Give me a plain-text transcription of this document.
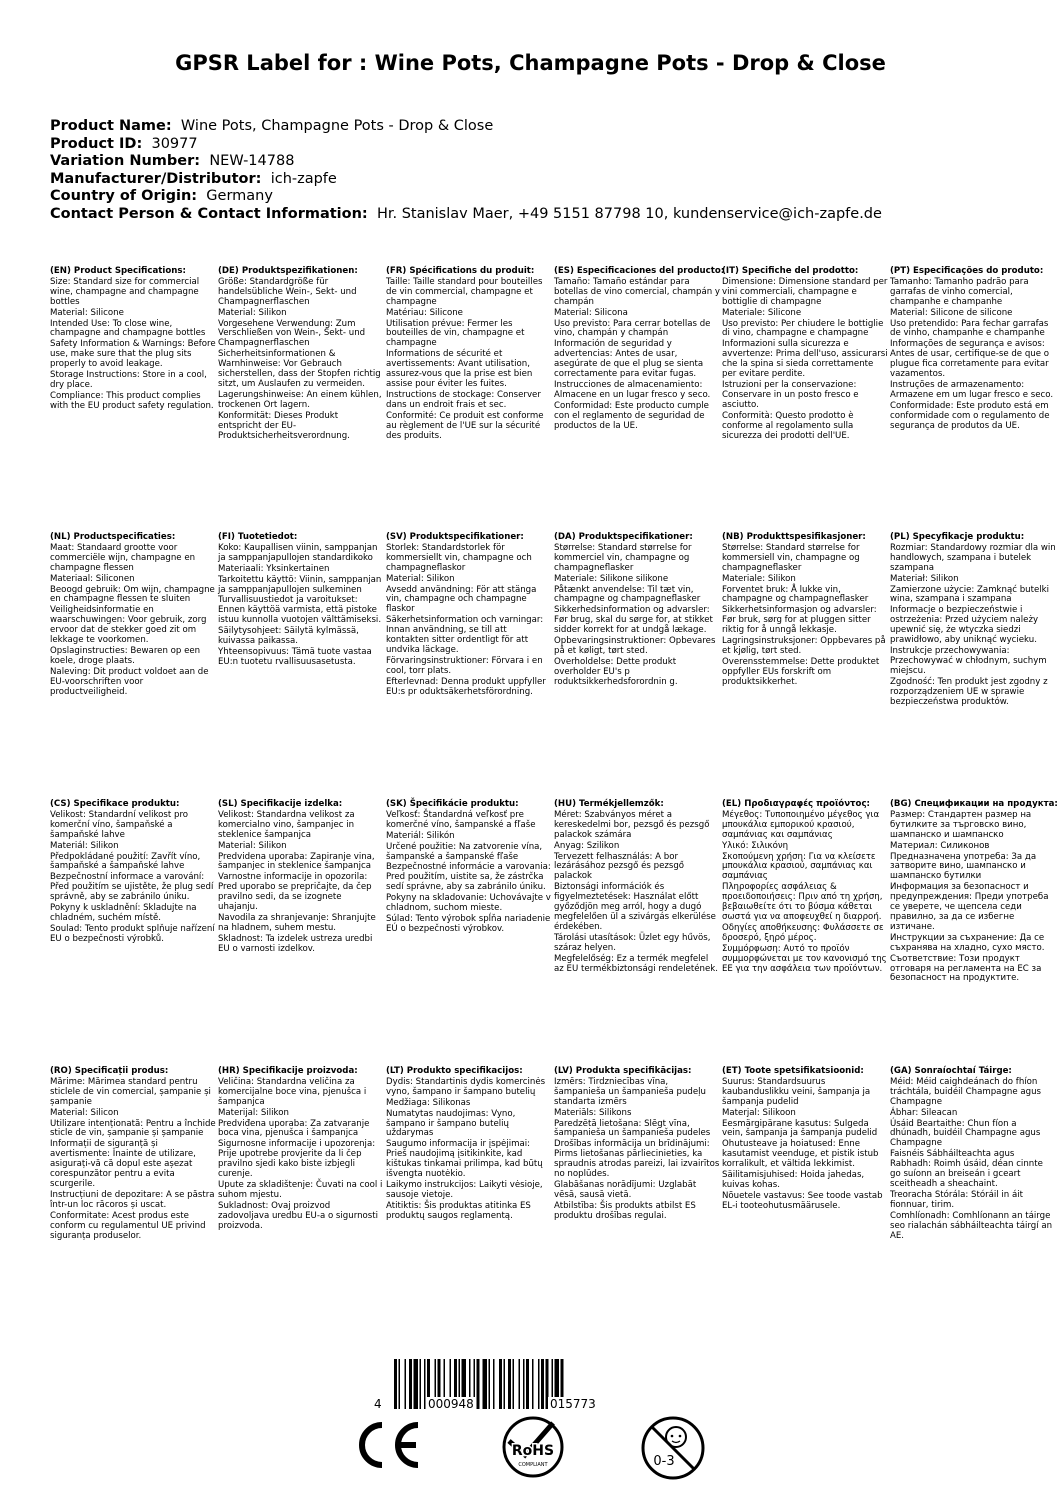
GPSR Label for : Wine Pots, Champagne Pots - Drop & Close
Product Name: Wine Pots, Champagne Pots - Drop & Close
Product ID: 30977
Variation Number: NEW-14788
Manufacturer/Distributor: ich-zapfe
Country of Origin: Germany
Contact Person & Contact Information: Hr. Stanislav Maer, +49 5151 87798 10, kundenservice@ich-zapfe.de
(EN) Product Specifications:
Size: Standard size for commercial wine, champagne and champagne bottles
Material: Silicone
Intended Use: To close wine, champagne and champagne bottles
Safety Information & Warnings: Before use, make sure that the plug sits properly to avoid leakage.
Storage Instructions: Store in a cool, dry place.
Compliance: This product complies with the EU product safety regulation.
(DE) Produktspezifikationen:
Größe: Standardgröße für handelsübliche Wein-, Sekt- und Champagnerflaschen
Material: Silikon
Vorgesehene Verwendung: Zum Verschließen von Wein-, Sekt- und Champagnerflaschen
Sicherheitsinformationen & Warnhinweise: Vor Gebrauch sicherstellen, dass der Stopfen richtig sitzt, um Auslaufen zu vermeiden.
Lagerungshinweise: An einem kühlen, trockenen Ort lagern.
Konformität: Dieses Produkt entspricht der EU-Produktsicherheitsverordnung.
(FR) Spécifications du produit:
Taille: Taille standard pour bouteilles de vin commercial, champagne et champagne
Matériau: Silicone
Utilisation prévue: Fermer les bouteilles de vin, champagne et champagne
Informations de sécurité et avertissements: Avant utilisation, assurez-vous que la prise est bien assise pour éviter les fuites.
Instructions de stockage: Conserver dans un endroit frais et sec.
Conformité: Ce produit est conforme au règlement de l'UE sur la sécurité des produits.
(ES) Especificaciones del producto:
Tamaño: Tamaño estándar para botellas de vino comercial, champán y champán
Material: Silicona
Uso previsto: Para cerrar botellas de vino, champán y champán
Información de seguridad y advertencias: Antes de usar, asegúrate de que el plug se sienta correctamente para evitar fugas.
Instrucciones de almacenamiento: Almacene en un lugar fresco y seco.
Conformidad: Este producto cumple con el reglamento de seguridad de productos de la UE.
(IT) Specifiche del prodotto:
Dimensione: Dimensione standard per vini commerciali, champagne e bottiglie di champagne
Materiale: Silicone
Uso previsto: Per chiudere le bottiglie di vino, champagne e champagne
Informazioni sulla sicurezza e avvertenze: Prima dell'uso, assicurarsi che la spina si sieda correttamente per evitare perdite.
Istruzioni per la conservazione: Conservare in un posto fresco e asciutto.
Conformità: Questo prodotto è conforme al regolamento sulla sicurezza dei prodotti dell'UE.
(PT) Especificações do produto:
Tamanho: Tamanho padrão para garrafas de vinho comercial, champanhe e champanhe
Material: Silicone de silicone
Uso pretendido: Para fechar garrafas de vinho, champanhe e champanhe
Informações de segurança e avisos: Antes de usar, certifique-se de que o plugue fica corretamente para evitar vazamentos.
Instruções de armazenamento: Armazene em um lugar fresco e seco.
Conformidade: Este produto está em conformidade com o regulamento de segurança de produtos da UE.
(NL) Productspecificaties:
Maat: Standaard grootte voor commerciële wijn, champagne en champagne flessen
Materiaal: Siliconen
Beoogd gebruik: Om wijn, champagne en champagne flessen te sluiten
Veiligheidsinformatie en waarschuwingen: Voor gebruik, zorg ervoor dat de stekker goed zit om lekkage te voorkomen.
Opslaginstructies: Bewaren op een koele, droge plaats.
Naleving: Dit product voldoet aan de EU-voorschriften voor productveiligheid.
(FI) Tuotetiedot:
Koko: Kaupallisen viinin, samppanjan ja samppanjapullojen standardikoko
Materiaali: Yksinkertainen
Tarkoitettu käyttö: Viinin, samppanjan ja samppanjapullojen sulkeminen
Turvallisuustiedot ja varoitukset: Ennen käyttöä varmista, että pistoke istuu kunnolla vuotojen välttämiseksi.
Säilytysohjeet: Säilytä kylmässä, kuivassa paikassa.
Yhteensopivuus: Tämä tuote vastaa EU:n tuotetu rvallisuusasetusta.
(SV) Produktspecifikationer:
Storlek: Standardstorlek för kommersiellt vin, champagne och champagneflaskor
Material: Silikon
Avsedd användning: För att stänga vin, champagne och champagne flaskor
Säkerhetsinformation och varningar: Innan användning, se till att kontakten sitter ordentligt för att undvika läckage.
Förvaringsinstruktioner: Förvara i en cool, torr plats.
Efterlevnad: Denna produkt uppfyller EU:s pr oduktsäkerhetsförordning.
(DA) Produktspecifikationer:
Størrelse: Standard størrelse for kommerciel vin, champagne og champagneflasker
Materiale: Silikone silikone
Påtænkt anvendelse: Til tæt vin, champagne og champagneflasker
Sikkerhedsinformation og advarsler: Før brug, skal du sørge for, at stikket sidder korrekt for at undgå lækage.
Opbevaringsinstruktioner: Opbevares på et køligt, tørt sted.
Overholdelse: Dette produkt overholder EU's p roduktsikkerhedsforordnin g.
(NB) Produkttspesifikasjoner:
Størrelse: Standard størrelse for kommersiell vin, champagne og champagneflasker
Materiale: Silikon
Forventet bruk: Å lukke vin, champagne og champagneflasker
Sikkerhetsinformasjon og advarsler: Før bruk, sørg for at pluggen sitter riktig for å unngå lekkasje.
Lagringsinstruksjoner: Oppbevares på et kjølig, tørt sted.
Overensstemmelse: Dette produktet oppfyller EUs forskrift om produktsikkerhet.
(PL) Specyfikacje produktu:
Rozmiar: Standardowy rozmiar dla win handlowych, szampana i butelek szampana
Materiał: Silikon
Zamierzone użycie: Zamknąć butelki wina, szampana i szampana
Informacje o bezpieczeństwie i ostrzeżenia: Przed użyciem należy upewnić się, że wtyczka siedzi prawidłowo, aby uniknąć wycieku.
Instrukcje przechowywania: Przechowywać w chłodnym, suchym miejscu.
Zgodność: Ten produkt jest zgodny z rozporządzeniem UE w sprawie bezpieczeństwa produktów.
(CS) Specifikace produktu:
Velikost: Standardní velikost pro komerční víno, šampaňské a šampaňské lahve
Materiál: Silikon
Předpokládané použití: Zavřít víno, šampaňské a šampaňské lahve
Bezpečnostní informace a varování: Před použitím se ujistěte, že plug sedí správně, aby se zabránilo úniku.
Pokyny k uskladnění: Skladujte na chladném, suchém místě.
Soulad: Tento produkt splňuje nařízení EU o bezpečnosti výrobků.
(SL) Specifikacije izdelka:
Velikost: Standardna velikost za komercialno vino, šampanjec in steklenice šampanjca
Material: Silikon
Predvidena uporaba: Zapiranje vina, šampanjec in steklenice šampanjca
Varnostne informacije in opozorila: Pred uporabo se prepričajte, da čep pravilno sedi, da se izognete uhajanju.
Navodila za shranjevanje: Shranjujte na hladnem, suhem mestu.
Skladnost: Ta izdelek ustreza uredbi EU o varnosti izdelkov.
(SK) Špecifikácie produktu:
Veľkosť: Štandardná veľkosť pre komerčné víno, šampanské a fľaše
Materiál: Silikón
Určené použitie: Na zatvorenie vína, šampanské a šampanské fľaše
Bezpečnostné informácie a varovania: Pred použitím, uistite sa, že zástrčka sedí správne, aby sa zabránilo úniku.
Pokyny na skladovanie: Uchovávajte v chladnom, suchom mieste.
Súlad: Tento výrobok spĺňa nariadenie EÚ o bezpečnosti výrobkov.
(HU) Termékjellemzők:
Méret: Szabványos méret a kereskedelmi bor, pezsgő és pezsgő palackok számára
Anyag: Szilikon
Tervezett felhasználás: A bor lezárásához pezsgő és pezsgő palackok
Biztonsági információk és figyelmeztetések: Használat előtt győződjön meg arról, hogy a dugó megfelelően ül a szivárgás elkerülése érdekében.
Tárolási utasítások: Üzlet egy hűvös, száraz helyen.
Megfelelőség: Ez a termék megfelel az EU termékbiztonsági rendeletének.
(EL) Προδιαγραφές προϊόντος:
Μέγεθος: Τυποποιημένο μέγεθος για μπουκάλια εμπορικού κρασιού, σαμπάνιας και σαμπάνιας
Υλικό: Σιλικόνη
Σκοπούμενη χρήση: Για να κλείσετε μπουκάλια κρασιού, σαμπάνιας και σαμπάνιας
Πληροφορίες ασφάλειας & προειδοποιήσεις: Πριν από τη χρήση, βεβαιωθείτε ότι το βύσμα κάθεται σωστά για να αποφευχθεί η διαρροή.
Οδηγίες αποθήκευσης: Φυλάσσετε σε δροσερό, ξηρό μέρος.
Συμμόρφωση: Αυτό το προϊόν συμμορφώνεται με τον κανονισμό της ΕΕ για την ασφάλεια των προϊόντων.
(BG) Спецификации на продукта:
Размер: Стандартен размер на бутилките за търговско вино, шампанско и шампанско
Материал: Силиконов
Предназначена употреба: За да затворите вино, шампанско и шампанско бутилки
Информация за безопасност и предупреждения: Преди употреба се уверете, че щепсела седи правилно, за да се избегне изтичане.
Инструкции за съхранение: Да се съхранява на хладно, сухо място.
Съответствие: Този продукт отговаря на регламента на ЕС за безопасност на продуктите.
(RO) Specificații produs:
Mărime: Mărimea standard pentru sticlele de vin comercial, șampanie și șampanie
Material: Silicon
Utilizare intenționată: Pentru a închide sticle de vin, șampanie și șampanie
Informații de siguranță și avertismente: Înainte de utilizare, asigurați-vă că dopul este așezat corespunzător pentru a evita scurgerile.
Instrucțiuni de depozitare: A se păstra într-un loc răcoros și uscat.
Conformitate: Acest produs este conform cu regulamentul UE privind siguranța produselor.
(HR) Specifikacije proizvoda:
Veličina: Standardna veličina za komercijalne boce vina, pjenušca i šampanjca
Materijal: Silikon
Predviđena uporaba: Za zatvaranje boca vina, pjenušca i šampanjca
Sigurnosne informacije i upozorenja: Prije upotrebe provjerite da li čep pravilno sjedi kako biste izbjegli curenje.
Upute za skladištenje: Čuvati na cool i suhom mjestu.
Sukladnost: Ovaj proizvod zadovoljava uredbu EU-a o sigurnosti proizvoda.
(LT) Produkto specifikacijos:
Dydis: Standartinis dydis komercinės vyno, šampano ir šampano butelių
Medžiaga: Silikonas
Numatytas naudojimas: Vyno, šampano ir šampano butelių uždarymas
Saugumo informacija ir įspėjimai: Prieš naudojimą įsitikinkite, kad kištukas tinkamai prilimpa, kad būtų išvengta nuotėkio.
Laikymo instrukcijos: Laikyti vėsioje, sausoje vietoje.
Atitiktis: Šis produktas atitinka ES produktų saugos reglamentą.
(LV) Produkta specifikācijas:
Izmērs: Tirdzniecības vīna, šampanieša un šampanieša pudeļu standarta izmērs
Materiāls: Silikons
Paredzētā lietošana: Slēgt vīna, šampanieša un šampanieša pudeles
Drošības informācija un brīdinājumi: Pirms lietošanas pārliecinieties, ka spraudnis atrodas pareizi, lai izvairītos no noplūdes.
Glabāšanas norādījumi: Uzglabāt vēsā, sausā vietā.
Atbilstība: Šis produkts atbilst ES produktu drošības regulai.
(ET) Toote spetsifikatsioonid:
Suurus: Standardsuurus kaubanduslikku veini, šampanja ja šampanja pudelid
Materjal: Silikoon
Eesmärgipärane kasutus: Sulgeda vein, šampanja ja šampanja pudelid
Ohutusteave ja hoiatused: Enne kasutamist veenduge, et pistik istub korralikult, et vältida lekkimist.
Säilitamisjuhised: Hoida jahedas, kuivas kohas.
Nõuetele vastavus: See toode vastab EL-i tooteohutusmäärusele.
(GA) Sonraíochtaí Táirge:
Méid: Méid caighdeánach do fhíon tráchtála, buidéil Champagne agus Champagne
Ábhar: Sileacan
Úsáid Beartaithe: Chun fíon a dhúnadh, buidéil Champagne agus Champagne
Faisnéis Sábháilteachta agus Rabhadh: Roimh úsáid, déan cinnte go suíonn an breiseán i gceart sceitheadh a sheachaint.
Treoracha Stórála: Stóráil in áit fionnuar, tirim.
Comhlíonadh: Comhlíonann an táirge seo rialachán sábháilteachta táirgí an AE.
4	000948	015773
RoHS
COMPLIANT	0-3
